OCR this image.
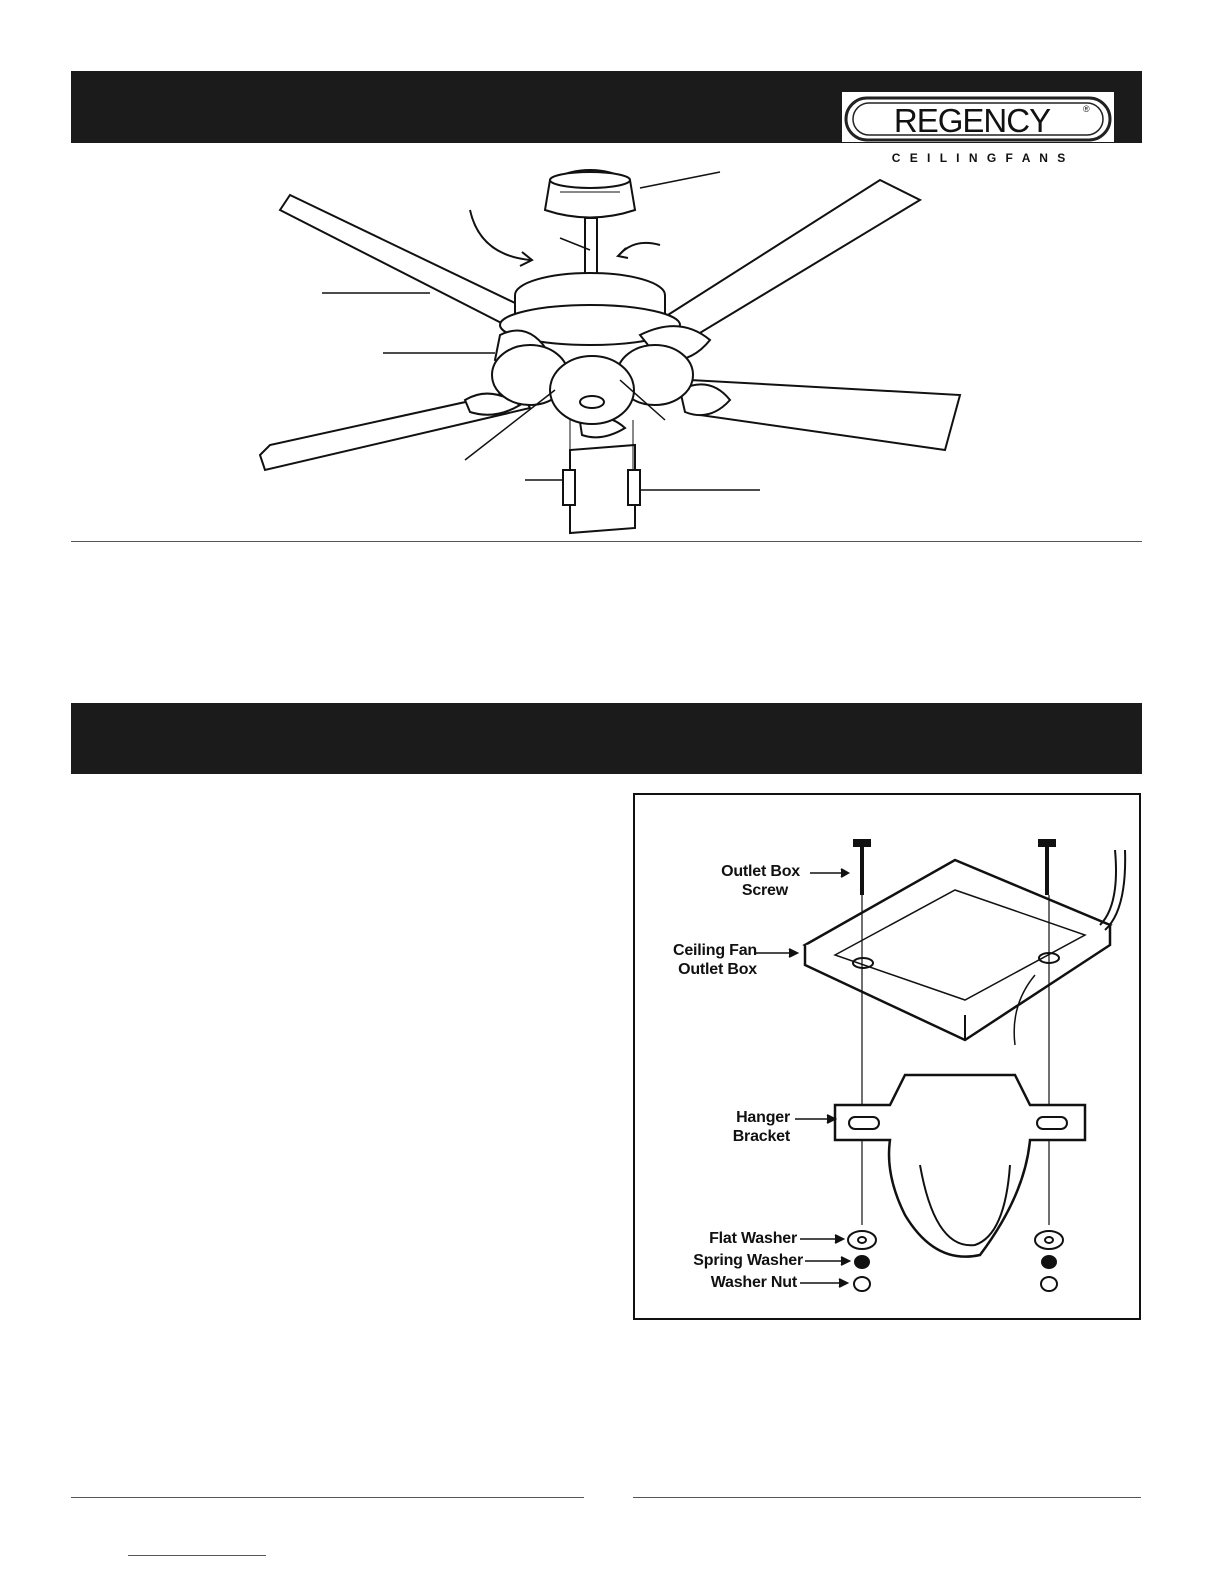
REGENCY	®
C E I L I N G F A N S
Outlet Box
Screw
Ceiling Fan
Outlet Box
Hanger
Bracket
Flat Washer
Spring Washer
Washer Nut
